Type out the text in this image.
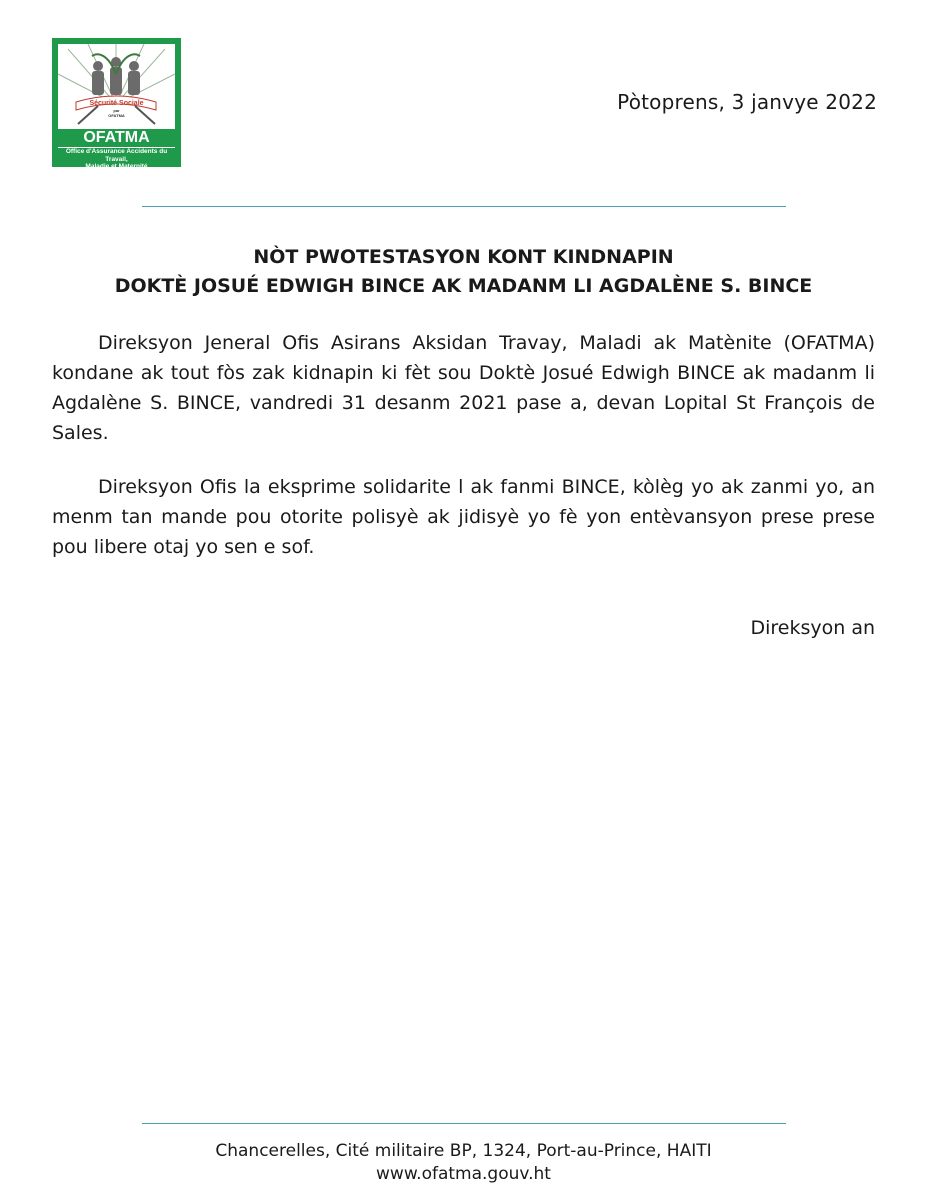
Sécurité Sociale
par
OFATMA
OFATMA
Office d'Assurance Accidents du Travail,
Maladie et Maternité
Pòtoprens, 3 janvye 2022
NÒT PWOTESTASYON KONT KINDNAPIN
DOKTÈ JOSUÉ EDWIGH BINCE AK MADANM LI AGDALÈNE S. BINCE

Direksyon Jeneral Ofis Asirans Aksidan Travay, Maladi ak Matènite (OFATMA) kondane ak tout fòs zak kidnapin ki fèt sou Doktè Josué Edwigh BINCE ak madanm li Agdalène S. BINCE, vandredi 31 desanm 2021 pase a, devan Lopital St François de Sales.

Direksyon Ofis la eksprime solidarite l ak fanmi BINCE, kòlèg yo ak zanmi yo, an menm tan mande pou otorite polisyè ak jidisyè yo fè yon entèvansyon prese prese pou libere otaj yo sen e sof.

Direksyon an
Chancerelles, Cité militaire BP, 1324, Port-au-Prince, HAITI
www.ofatma.gouv.ht
